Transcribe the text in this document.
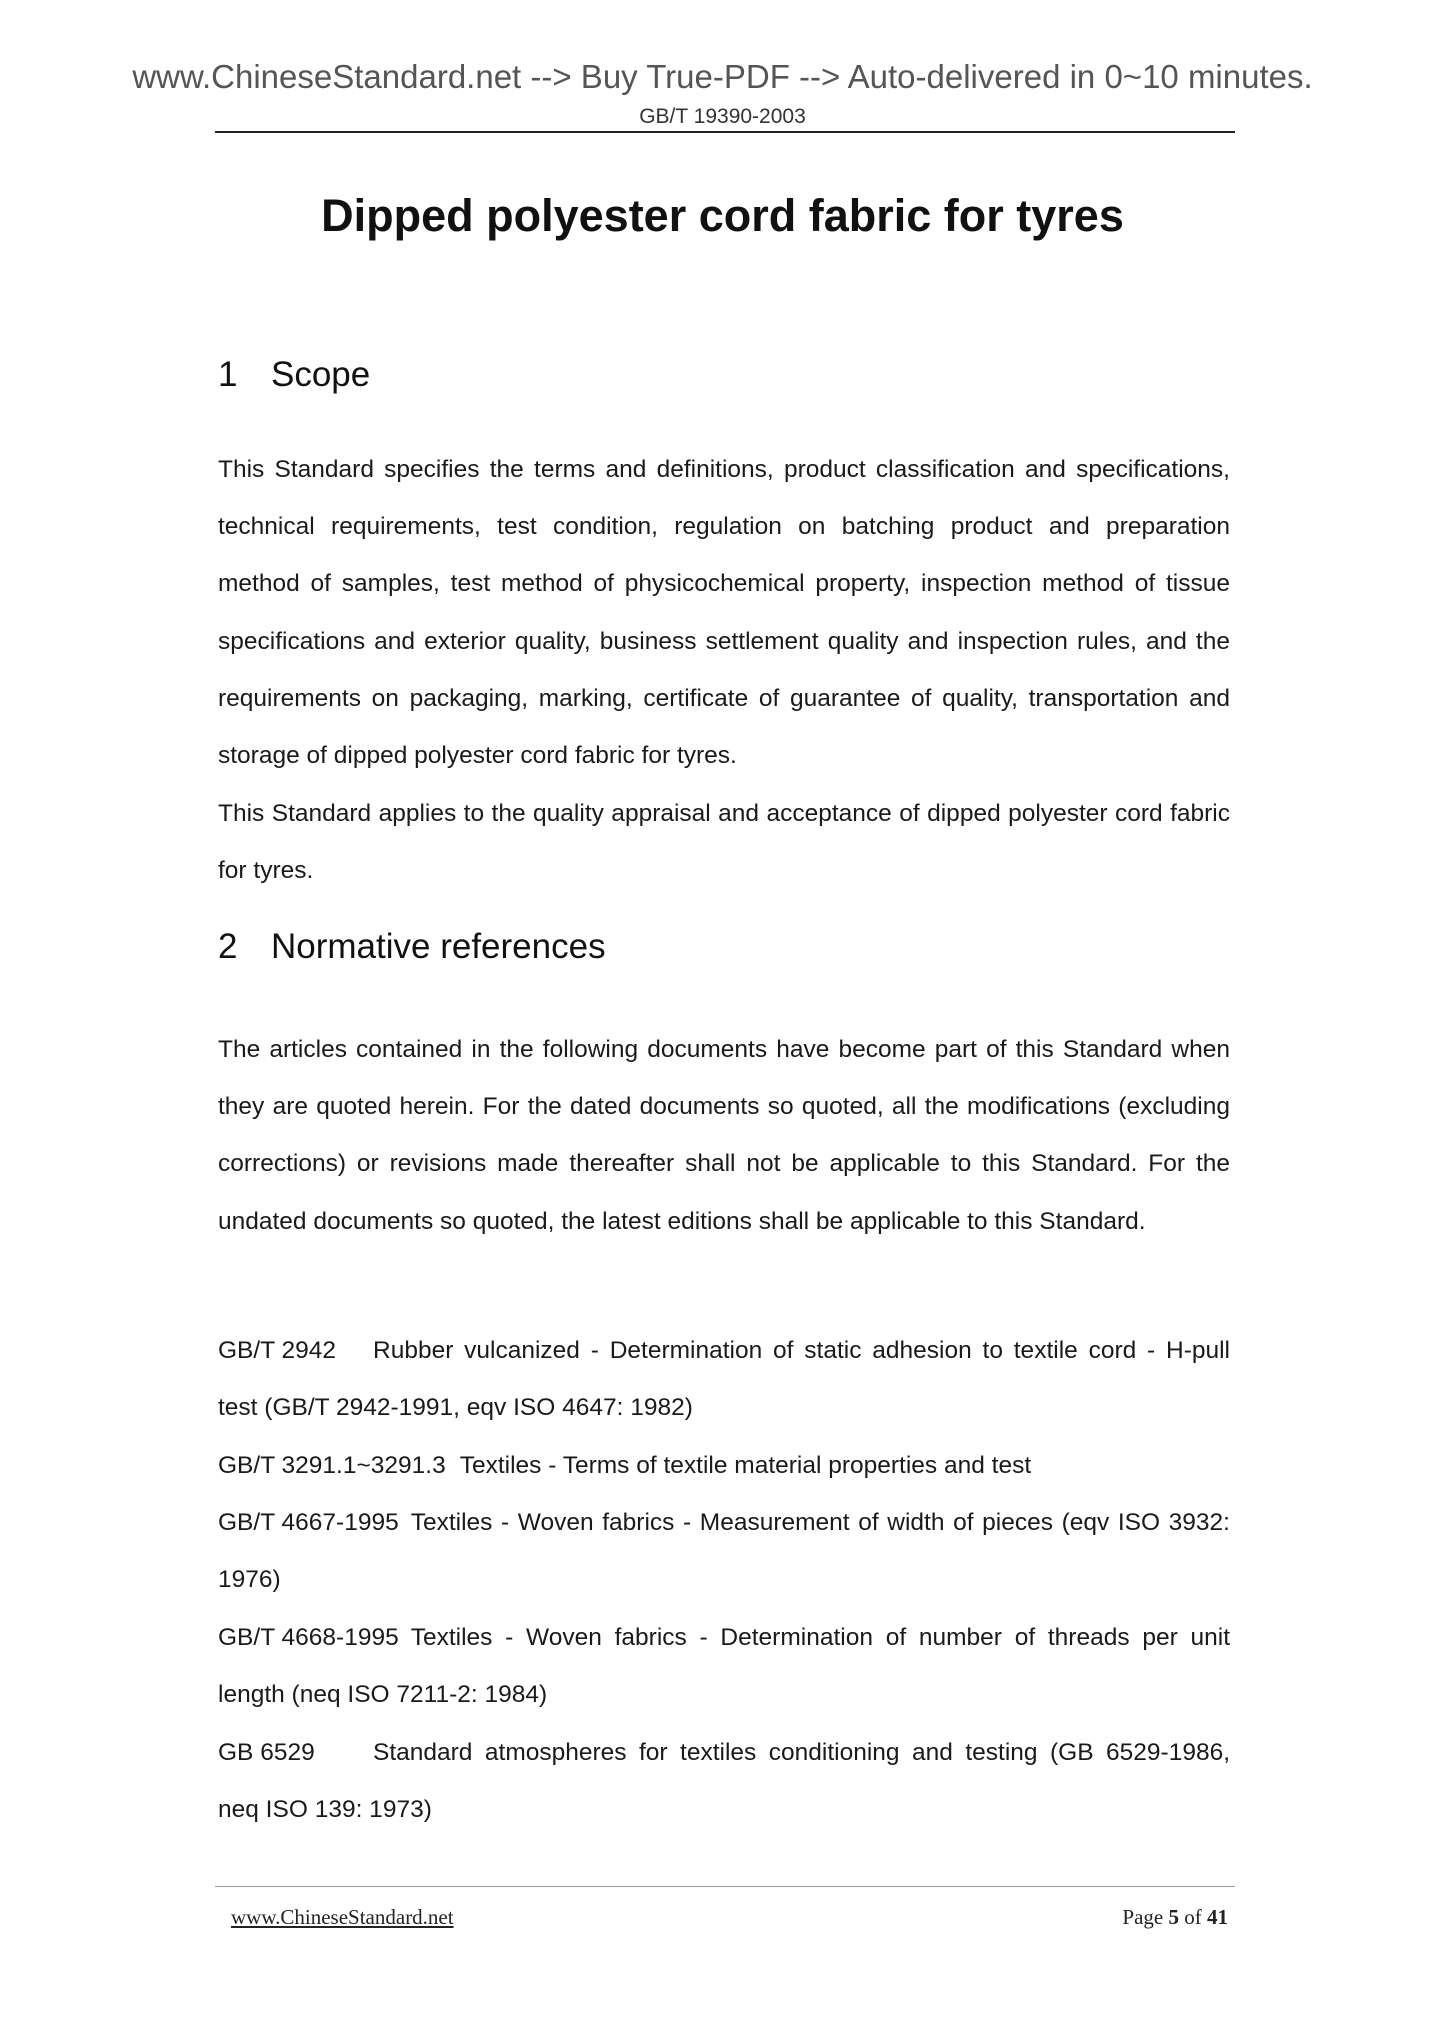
www.ChineseStandard.net --> Buy True-PDF --> Auto-delivered in 0~10 minutes.
GB/T 19390-2003
Dipped polyester cord fabric for tyres
1 Scope

This Standard specifies the terms and definitions, product classification and specifications, technical requirements, test condition, regulation on batching product and preparation method of samples, test method of physicochemical property, inspection method of tissue specifications and exterior quality, business settlement quality and inspection rules, and the requirements on packaging, marking, certificate of guarantee of quality, transportation and storage of dipped polyester cord fabric for tyres.

This Standard applies to the quality appraisal and acceptance of dipped polyester cord fabric for tyres.

2 Normative references

The articles contained in the following documents have become part of this Standard when they are quoted herein. For the dated documents so quoted, all the modifications (excluding corrections) or revisions made thereafter shall not be applicable to this Standard. For the undated documents so quoted, the latest editions shall be applicable to this Standard.

GB/T 2942 Rubber vulcanized - Determination of static adhesion to textile cord - H-pull test (GB/T 2942-1991, eqv ISO 4647: 1982)
GB/T 3291.1~3291.3 Textiles - Terms of textile material properties and test
GB/T 4667-1995 Textiles - Woven fabrics - Measurement of width of pieces (eqv ISO 3932: 1976)
GB/T 4668-1995 Textiles - Woven fabrics - Determination of number of threads per unit length (neq ISO 7211-2: 1984)
GB 6529 Standard atmospheres for textiles conditioning and testing (GB 6529-1986, neq ISO 139: 1973)
www.ChineseStandard.net	Page 5 of 41
